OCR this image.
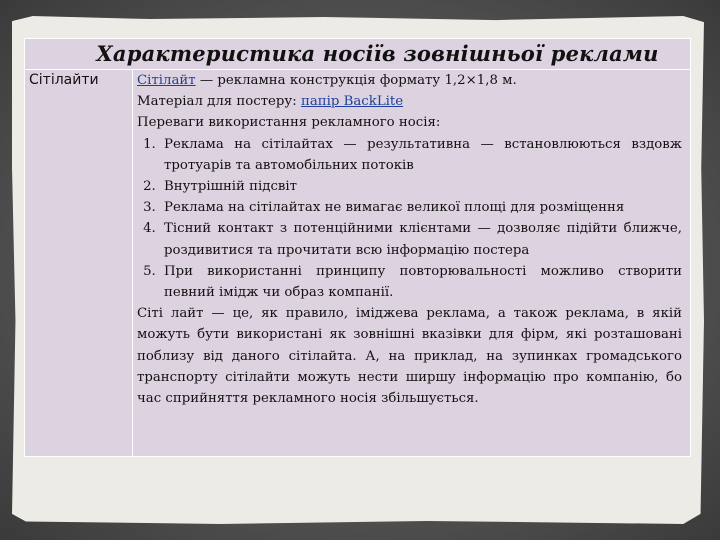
Характеристика носіїв зовнішньої реклами
Сітілайти	Сітілайт — рекламна конструкція формату 1,2×1,8 м.

Матеріал для постеру: папір BackLite

Переваги використання рекламного носія:

1. Реклама на сітілайтах — результативна — встановлюються вздовж тротуарів та автомобільних потоків
2. Внутрішній підсвіт
3. Реклама на сітілайтах не вимагає великої площі для розміщення
4. Тісний контакт з потенційними клієнтами — дозволяє підійти ближче, роздивитися та прочитати всю інформацію постера
5. При використанні принципу повторювальності можливо створити певний імідж чи образ компанії.

Сіті лайт — це, як правило, іміджева реклама, а також реклама, в якій можуть бути використані як зовнішні вказівки для фірм, які розташовані поблизу від даного сітілайта. А, на приклад, на зупинках громадського транспорту сітілайти можуть нести ширшу інформацію про компанію, бо час сприйняття рекламного носія збільшується.
